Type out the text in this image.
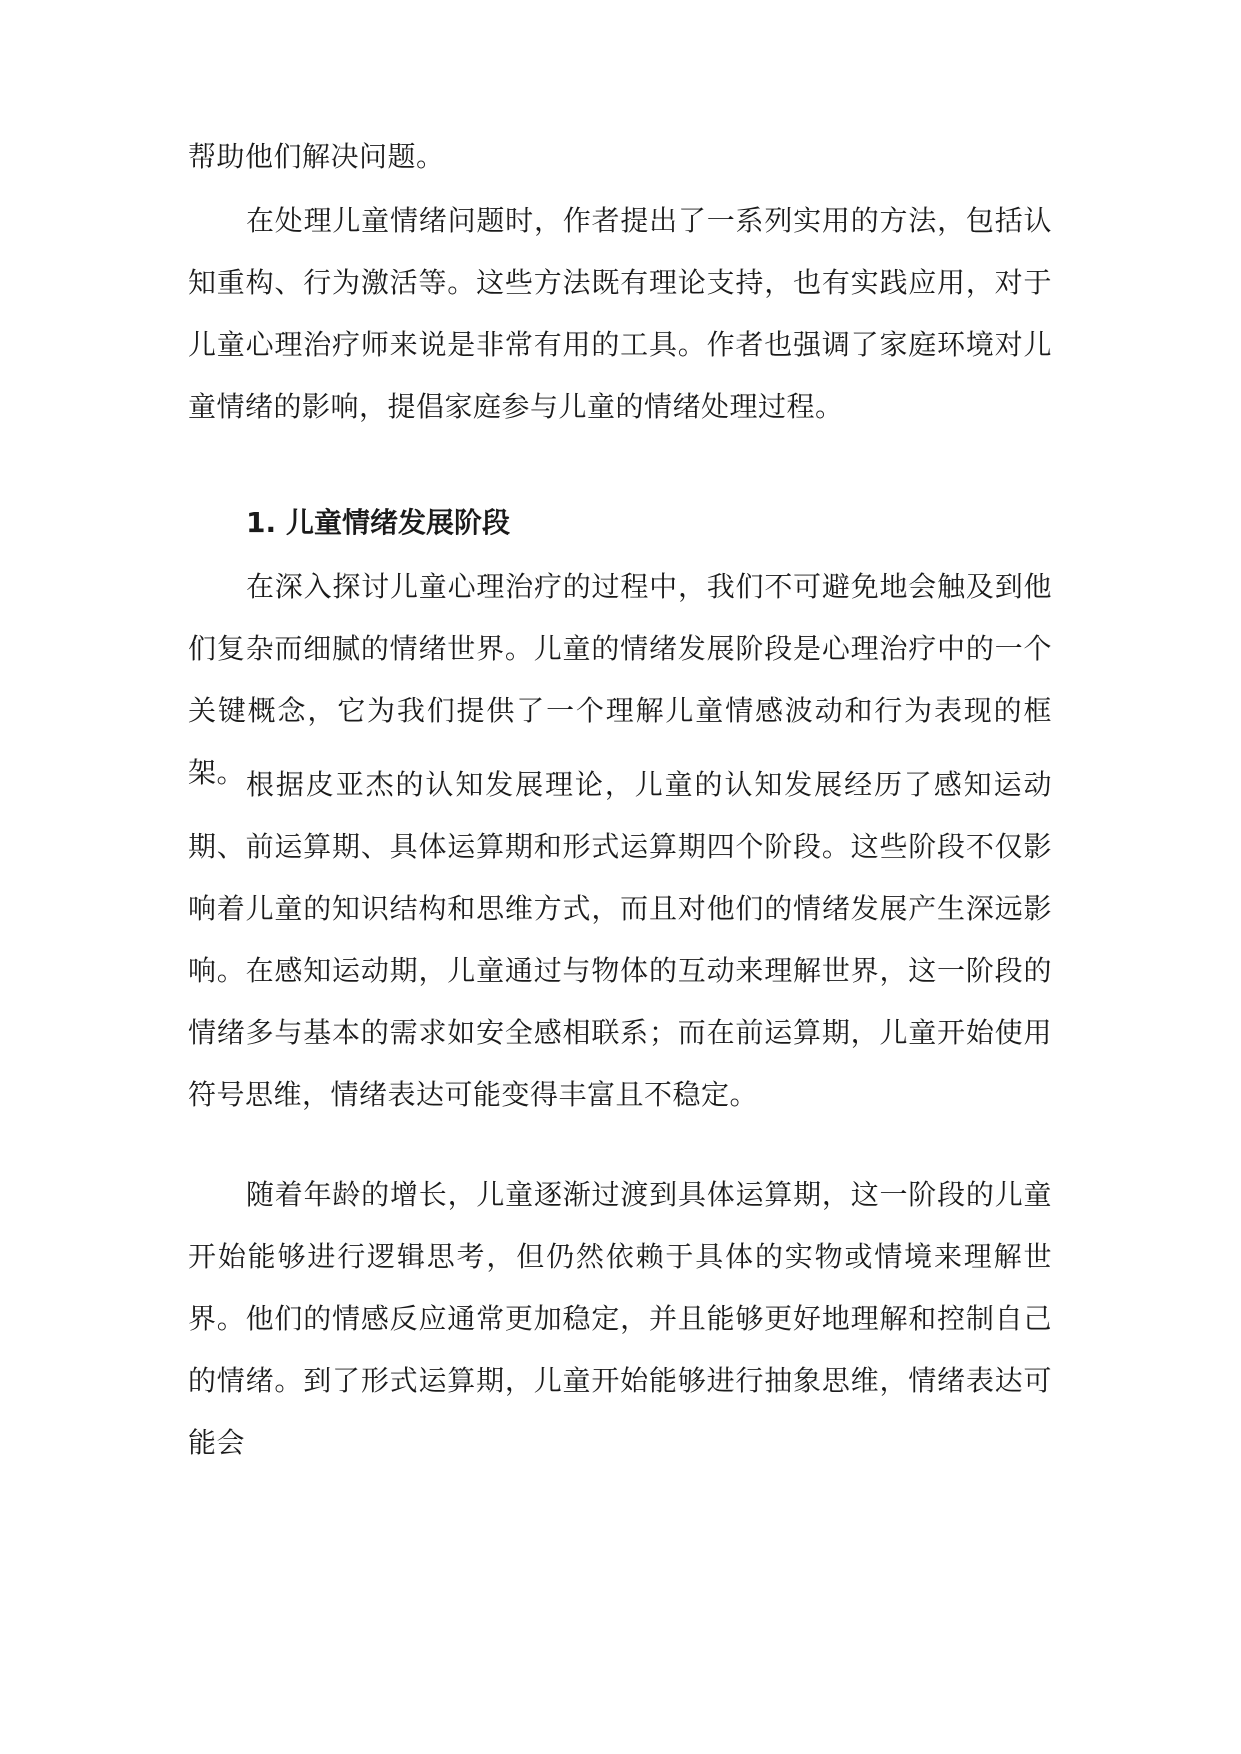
帮助他们解决问题。

在处理儿童情绪问题时，作者提出了一系列实用的方法，包括认知重构、行为激活等。这些方法既有理论支持，也有实践应用，对于儿童心理治疗师来说是非常有用的工具。作者也强调了家庭环境对儿童情绪的影响，提倡家庭参与儿童的情绪处理过程。

1. 儿童情绪发展阶段

在深入探讨儿童心理治疗的过程中，我们不可避免地会触及到他们复杂而细腻的情绪世界。儿童的情绪发展阶段是心理治疗中的一个关键概念，它为我们提供了一个理解儿童情感波动和行为表现的框架。 根据皮亚杰的认知发展理论，儿童的认知发展经历了感知运动期、前运算期、具体运算期和形式运算期四个阶段。这些阶段不仅影响着儿童的知识结构和思维方式，而且对他们的情绪发展产生深远影响。在感知运动期，儿童通过与物体的互动来理解世界，这一阶段的情绪多与基本的需求如安全感相联系；而在前运算期，儿童开始使用符号思维，情绪表达可能变得丰富且不稳定。

随着年龄的增长，儿童逐渐过渡到具体运算期，这一阶段的儿童开始能够进行逻辑思考，但仍然依赖于具体的实物或情境来理解世界。他们的情感反应通常更加稳定，并且能够更好地理解和控制自己的情绪。到了形式运算期，儿童开始能够进行抽象思维，情绪表达可能会
